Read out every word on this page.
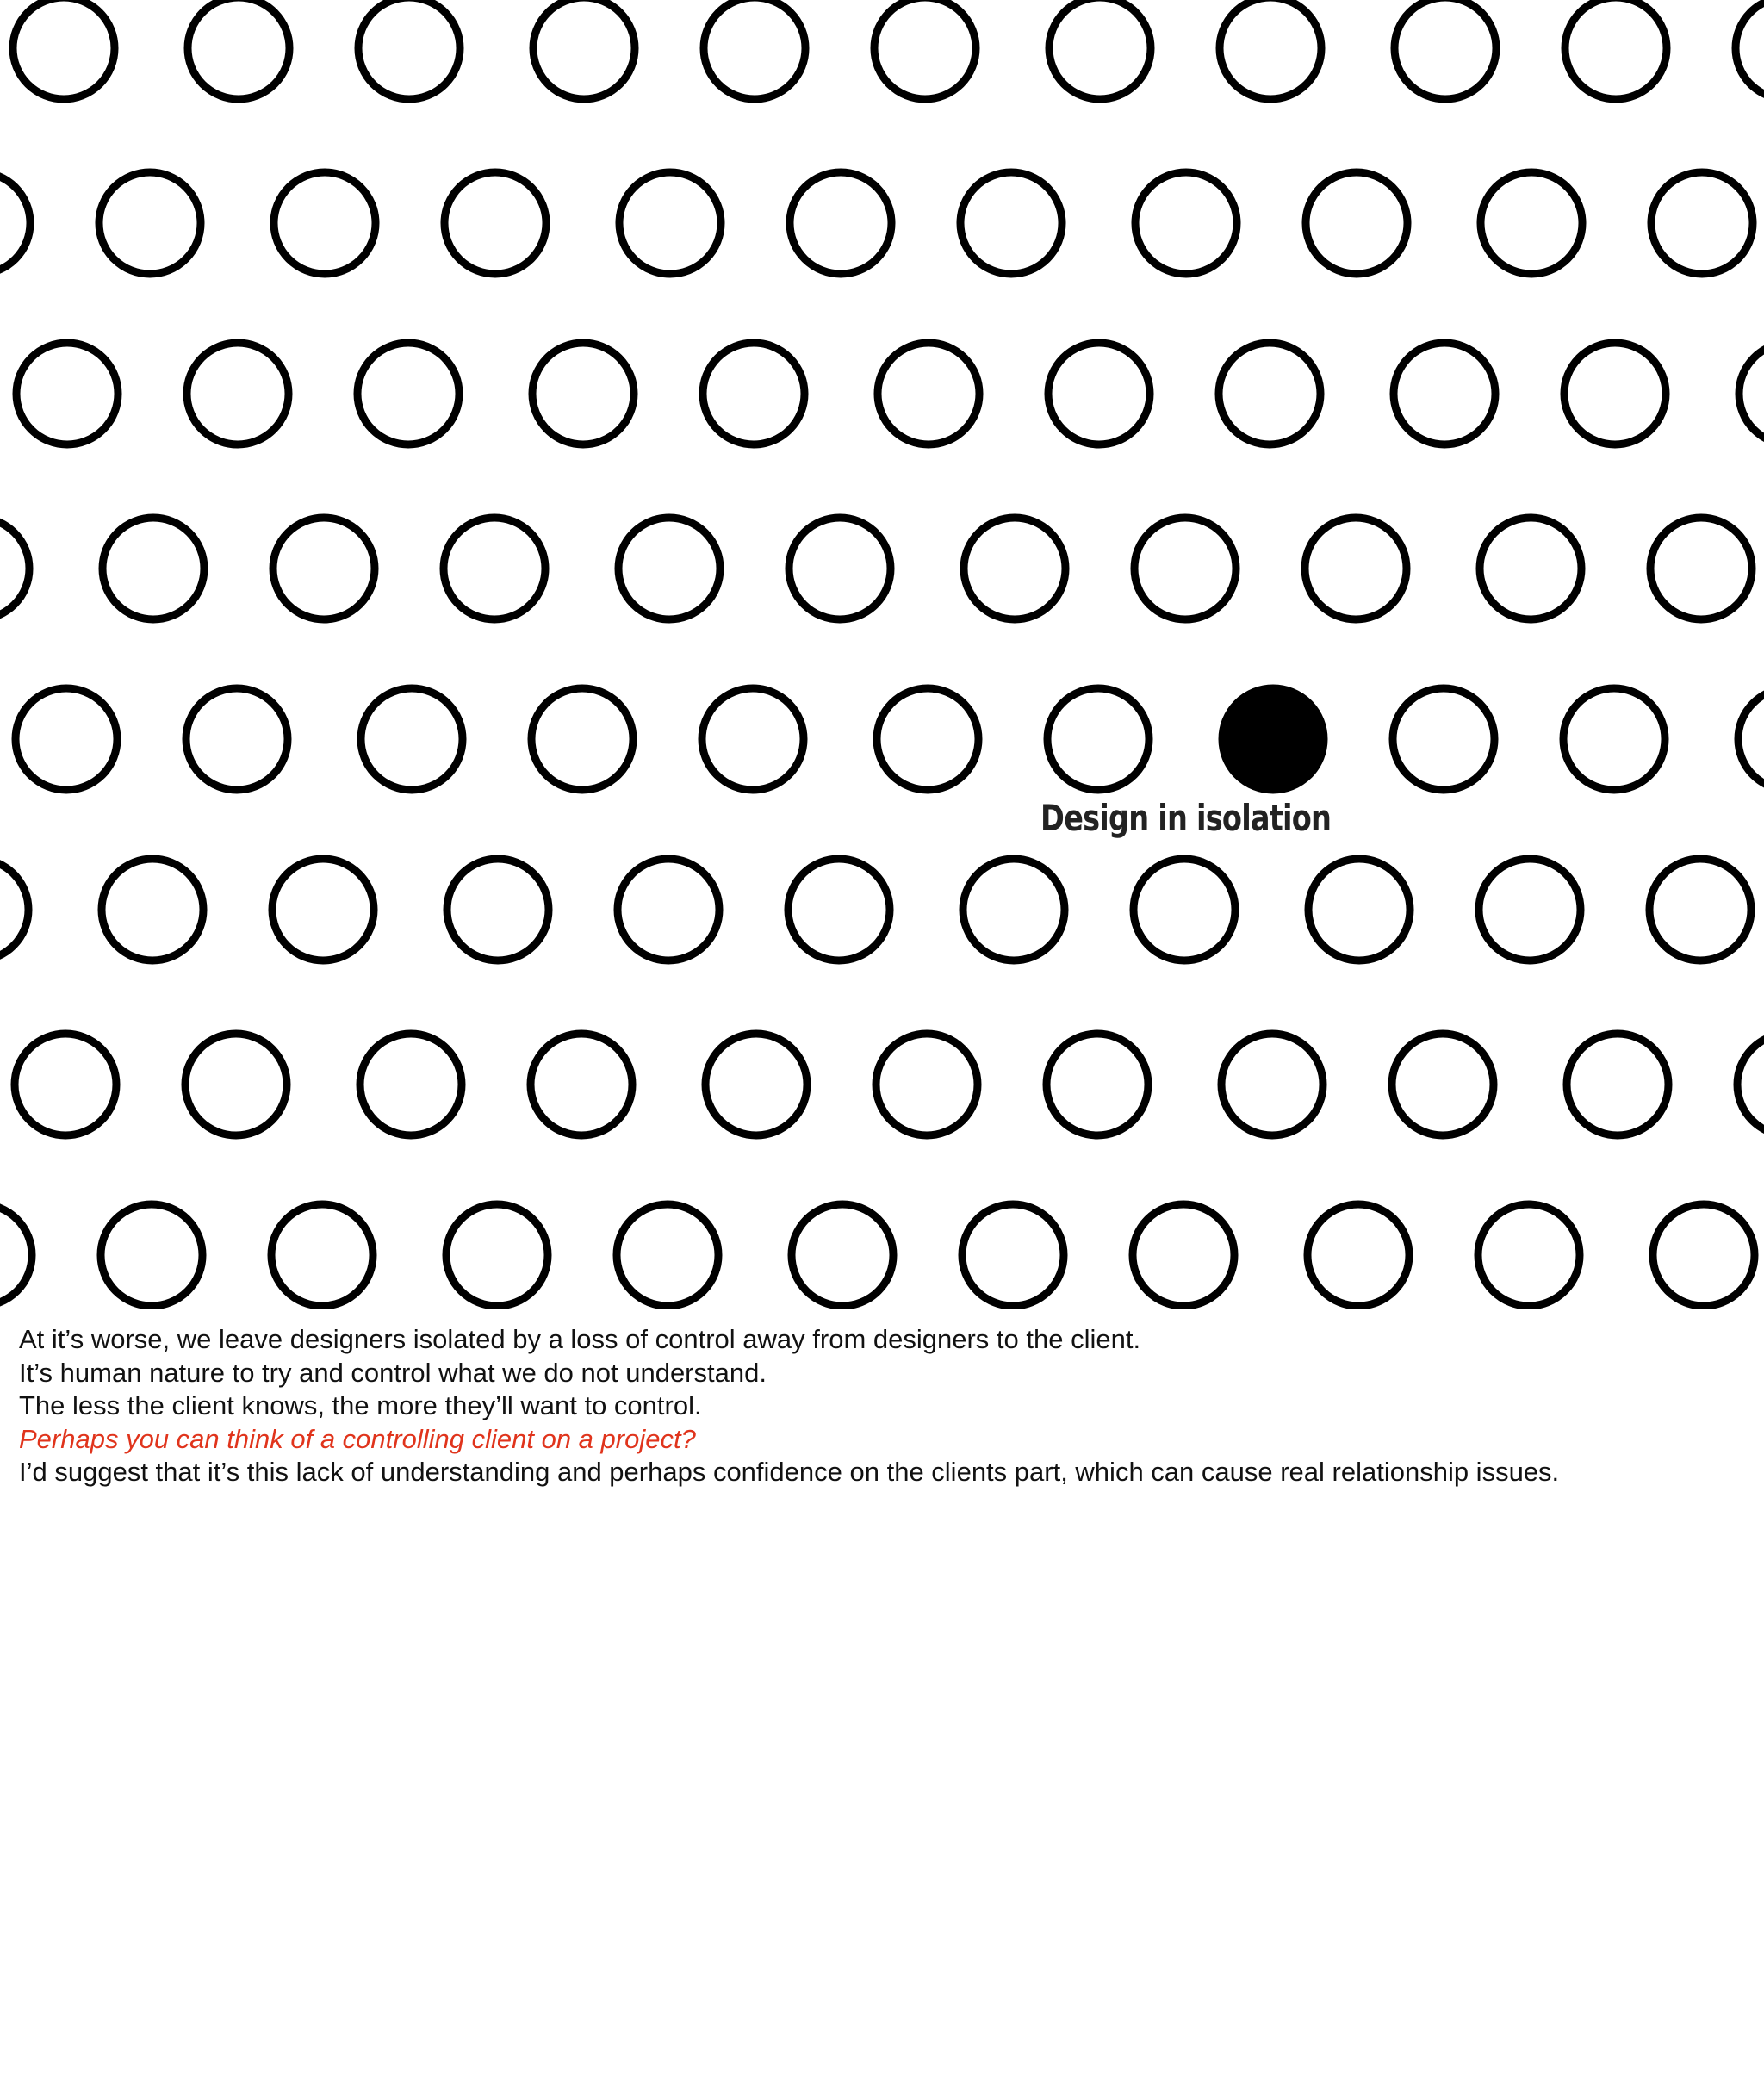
Design in isolation

At it’s worse, we leave designers isolated by a loss of control away from designers to the client.

It’s human nature to try and control what we do not understand.

The less the client knows, the more they’ll want to control.

Perhaps you can think of a controlling client on a project?

I’d suggest that it’s this lack of understanding and perhaps confidence on the clients part, which can cause real relationship issues.
